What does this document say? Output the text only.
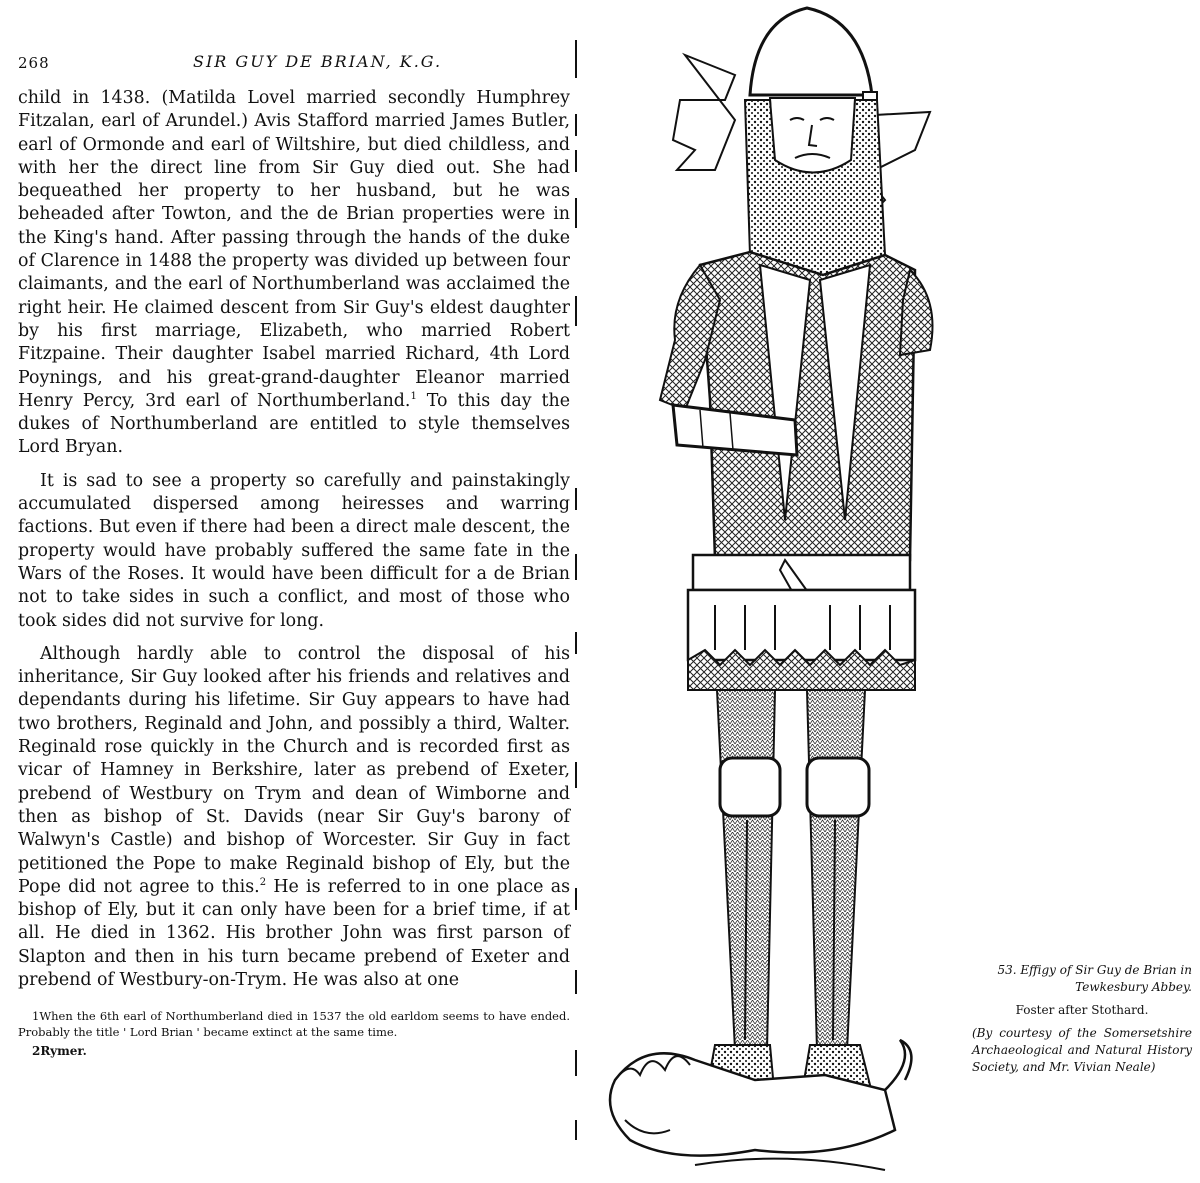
268	SIR GUY DE BRIAN, K.G.

child in 1438. (Matilda Lovel married secondly Humphrey Fitzalan, earl of Arundel.) Avis Stafford married James Butler, earl of Ormonde and earl of Wiltshire, but died childless, and with her the direct line from Sir Guy died out. She had bequeathed her property to her husband, but he was beheaded after Towton, and the de Brian properties were in the King's hand. After passing through the hands of the duke of Clarence in 1488 the property was divided up between four claimants, and the earl of Northumberland was acclaimed the right heir. He claimed descent from Sir Guy's eldest daughter by his first marriage, Elizabeth, who married Robert Fitzpaine. Their daughter Isabel married Richard, 4th Lord Poynings, and his great-grand-daughter Eleanor married Henry Percy, 3rd earl of Northumberland.$^1$ To this day the dukes of Northumberland are entitled to style themselves Lord Bryan.

It is sad to see a property so carefully and painstakingly accumulated dispersed among heiresses and warring factions. But even if there had been a direct male descent, the property would have probably suffered the same fate in the Wars of the Roses. It would have been difficult for a de Brian not to take sides in such a conflict, and most of those who took sides did not survive for long.

Although hardly able to control the disposal of his inheritance, Sir Guy looked after his friends and relatives and dependants during his lifetime. Sir Guy appears to have had two brothers, Reginald and John, and possibly a third, Walter. Reginald rose quickly in the Church and is recorded first as vicar of Hamney in Berkshire, later as prebend of Exeter, prebend of Westbury on Trym and dean of Wimborne and then as bishop of St. Davids (near Sir Guy's barony of Walwyn's Castle) and bishop of Worcester. Sir Guy in fact petitioned the Pope to make Reginald bishop of Ely, but the Pope did not agree to this.$^2$ He is referred to in one place as bishop of Ely, but it can only have been for a brief time, if at all. He died in 1362. His brother John was first parson of Slapton and then in his turn became prebend of Exeter and prebend of Westbury-on-Trym. He was also at one

1When the 6th earl of Northumberland died in 1537 the old earldom seems to have ended. Probably the title ' Lord Brian ' became extinct at the same time.

2Rymer.

53. Effigy of Sir Guy de Brian in Tewkesbury Abbey.
Foster after Stothard.
(By courtesy of the Somersetshire Archaeological and Natural History Society, and Mr. Vivian Neale)
